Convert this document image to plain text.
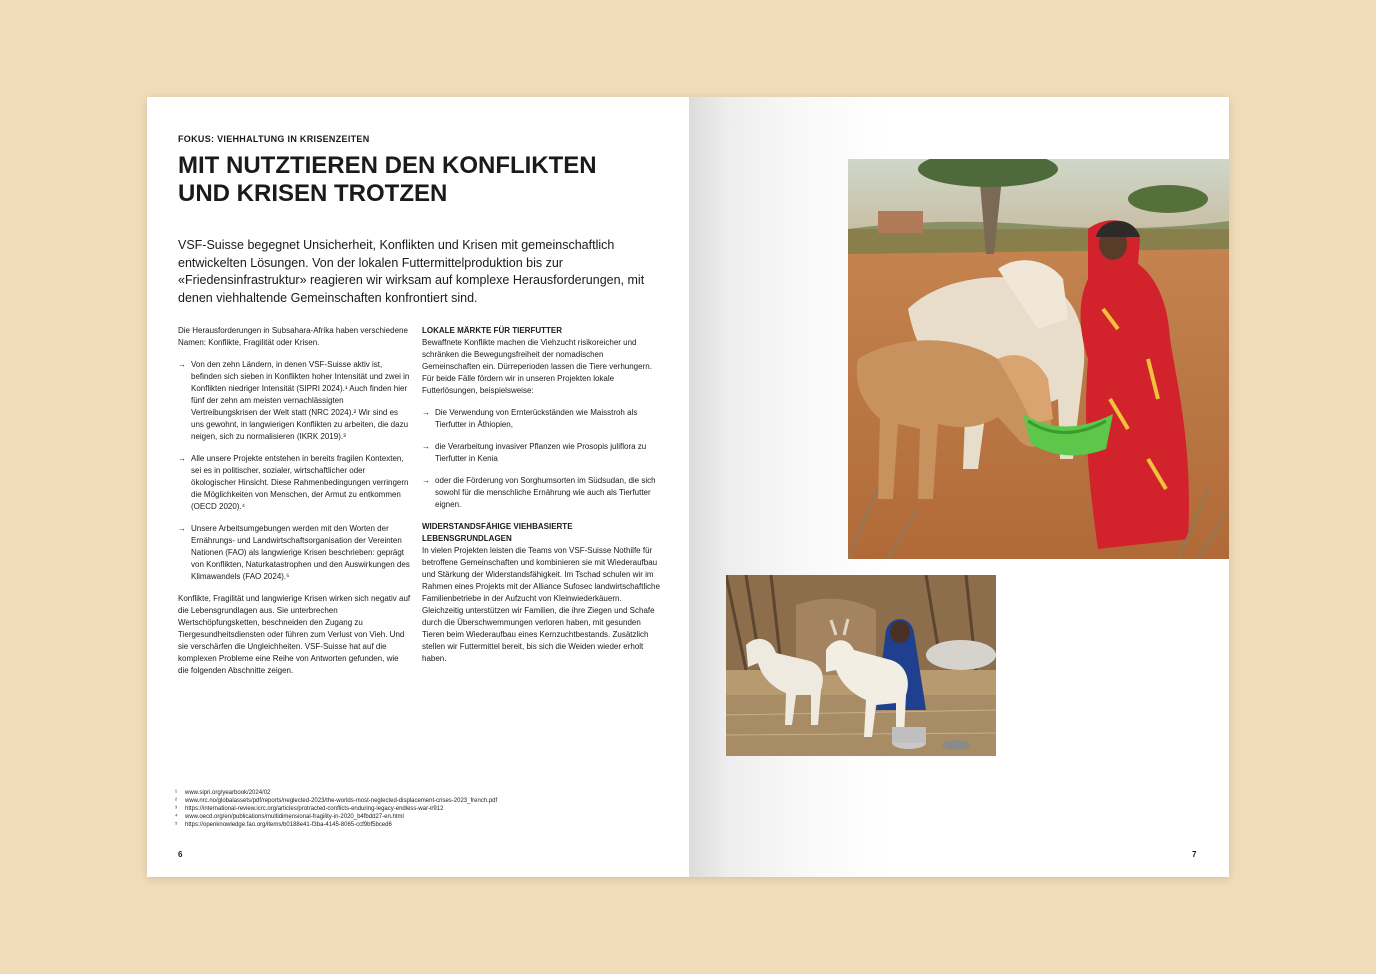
FOKUS: VIEHHALTUNG IN KRISENZEITEN
MIT NUTZTIEREN DEN KONFLIKTEN
UND KRISEN TROTZEN

VSF-Suisse begegnet Unsicherheit, Konflikten und Krisen mit gemeinschaftlich entwickelten Lösungen. Von der lokalen Futtermittelproduktion bis zur «Friedensinfrastruktur» reagieren wir wirksam auf komplexe Herausforderungen, mit denen viehhaltende Gemeinschaften konfrontiert sind.

Die Herausforderungen in Subsahara-Afrika haben verschiedene Namen: Konflikte, Fragilität oder Krisen.

→ Von den zehn Ländern, in denen VSF-Suisse aktiv ist, befinden sich sieben in Konflikten hoher Intensität und zwei in Konflikten niedriger Intensität (SIPRI 2024).¹ Auch finden hier fünf der zehn am meisten vernachlässigten Vertreibungskrisen der Welt statt (NRC 2024).² Wir sind es uns gewohnt, in langwierigen Konflikten zu arbeiten, die dazu neigen, sich zu normalisieren (IKRK 2019).³
→ Alle unsere Projekte entstehen in bereits fragilen Kontexten, sei es in politischer, sozialer, wirtschaftlicher oder ökologischer Hinsicht. Diese Rahmenbedingungen verringern die Möglichkeiten von Menschen, der Armut zu entkommen (OECD 2020).⁴
→ Unsere Arbeitsumgebungen werden mit den Worten der Ernährungs- und Landwirtschaftsorganisation der Vereinten Nationen (FAO) als langwierige Krisen beschrieben: geprägt von Konflikten, Naturkatastrophen und den Auswirkungen des Klimawandels (FAO 2024).⁵

Konflikte, Fragilität und langwierige Krisen wirken sich negativ auf die Lebensgrundlagen aus. Sie unterbrechen Wertschöpfungsketten, beschneiden den Zugang zu Tiergesundheitsdiensten oder führen zum Verlust von Vieh. Und sie verschärfen die Ungleichheiten. VSF-Suisse hat auf die komplexen Probleme eine Reihe von Antworten gefunden, wie die folgenden Abschnitte zeigen.

LOKALE MÄRKTE FÜR TIERFUTTER

Bewaffnete Konflikte machen die Viehzucht risikoreicher und schränken die Bewegungsfreiheit der nomadischen Gemeinschaften ein. Dürreperioden lassen die Tiere verhungern. Für beide Fälle fördern wir in unseren Projekten lokale Futterlösungen, beispielsweise:

→ Die Verwendung von Ernterückständen wie Maisstroh als Tierfutter in Äthiopien,
→ die Verarbeitung invasiver Pflanzen wie Prosopis juliflora zu Tierfutter in Kenia
→ oder die Förderung von Sorghumsorten im Südsudan, die sich sowohl für die menschliche Ernährung wie auch als Tierfutter eignen.
WIDERSTANDSFÄHIGE VIEHBASIERTE LEBENSGRUNDLAGEN

In vielen Projekten leisten die Teams von VSF-Suisse Nothilfe für betroffene Gemeinschaften und kombinieren sie mit Wiederaufbau und Stärkung der Widerstandsfähigkeit. Im Tschad schulen wir im Rahmen eines Projekts mit der Alliance Sufosec landwirtschaftliche Familienbetriebe in der Aufzucht von Kleinwiederkäuern. Gleichzeitig unterstützen wir Familien, die ihre Ziegen und Schafe durch die Überschwemmungen verloren haben, mit gesunden Tieren beim Wiederaufbau eines Kernzuchtbestands. Zusätzlich stellen wir Futtermittel bereit, bis sich die Weiden wieder erholt haben.

¹ www.sipri.org/yearbook/2024/02
² www.nrc.no/globalassets/pdf/reports/neglected-2023/the-worlds-most-neglected-displacement-crises-2023_french.pdf
³ https://international-review.icrc.org/articles/protracted-conflicts-enduring-legacy-endless-war-ir912
⁴ www.oecd.org/en/publications/multidimensional-fragility-in-2020_b4fbdd27-en.html
⁵ https://openknowledge.fao.org/items/b0188e41-f3ba-4145-8065-ccf9bf5bced6
6	7
